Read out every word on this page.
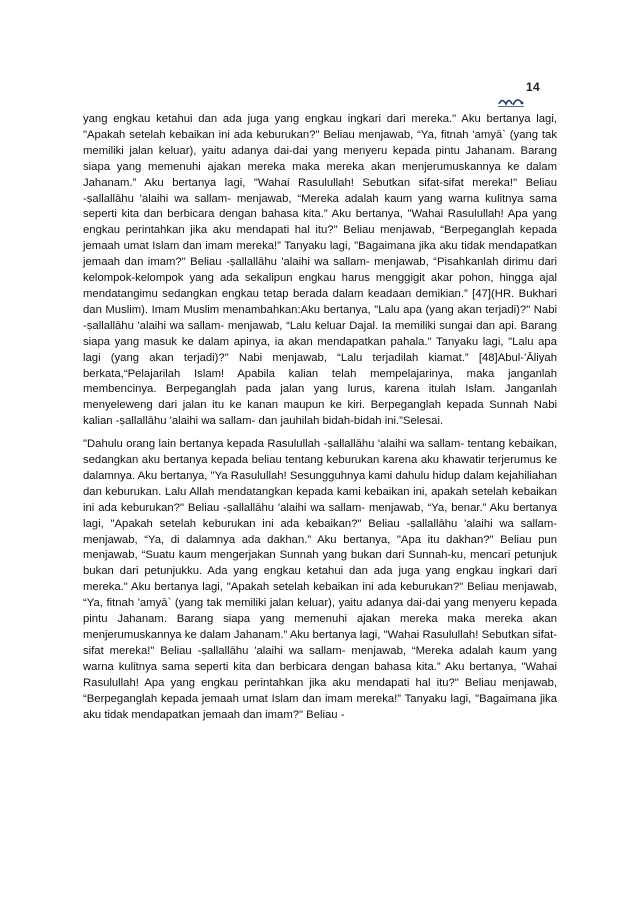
14

yang engkau ketahui dan ada juga yang engkau ingkari dari mereka." Aku bertanya lagi, "Apakah setelah kebaikan ini ada keburukan?" Beliau menjawab, “Ya, fitnah 'amyā` (yang tak memiliki jalan keluar), yaitu adanya dai-dai yang menyeru kepada pintu Jahanam. Barang siapa yang memenuhi ajakan mereka maka mereka akan menjerumuskannya ke dalam Jahanam.” Aku bertanya lagi, "Wahai Rasulullah! Sebutkan sifat-sifat mereka!" Beliau -ṣallallāhu 'alaihi wa sallam- menjawab, “Mereka adalah kaum yang warna kulitnya sama seperti kita dan berbicara dengan bahasa kita.” Aku bertanya, "Wahai Rasulullah! Apa yang engkau perintahkan jika aku mendapati hal itu?" Beliau menjawab, “Berpeganglah kepada jemaah umat Islam dan imam mereka!” Tanyaku lagi, "Bagaimana jika aku tidak mendapatkan jemaah dan imam?" Beliau -ṣallallāhu 'alaihi wa sallam- menjawab, “Pisahkanlah dirimu dari kelompok-kelompok yang ada sekalipun engkau harus menggigit akar pohon, hingga ajal mendatangimu sedangkan engkau tetap berada dalam keadaan demikian.” [47](HR. Bukhari dan Muslim). Imam Muslim menambahkan:Aku bertanya, "Lalu apa (yang akan terjadi)?" Nabi -ṣallallāhu 'alaihi wa sallam- menjawab, “Lalu keluar Dajal. Ia memiliki sungai dan api. Barang siapa yang masuk ke dalam apinya, ia akan mendapatkan pahala." Tanyaku lagi, "Lalu apa lagi (yang akan terjadi)?" Nabi menjawab, “Lalu terjadilah kiamat.” [48]Abul-'Āliyah berkata,“Pelajarilah Islam! Apabila kalian telah mempelajarinya, maka janganlah membencinya. Berpeganglah pada jalan yang lurus, karena itulah Islam. Janganlah menyeleweng dari jalan itu ke kanan maupun ke kiri. Berpeganglah kepada Sunnah Nabi kalian -ṣallallāhu 'alaihi wa sallam- dan jauhilah bidah-bidah ini.”Selesai.

"Dahulu orang lain bertanya kepada Rasulullah -ṣallallāhu 'alaihi wa sallam- tentang kebaikan, sedangkan aku bertanya kepada beliau tentang keburukan karena aku khawatir terjerumus ke dalamnya. Aku bertanya, "Ya Rasulullah! Sesungguhnya kami dahulu hidup dalam kejahiliahan dan keburukan. Lalu Allah mendatangkan kepada kami kebaikan ini, apakah setelah kebaikan ini ada keburukan?" Beliau -ṣallallāhu 'alaihi wa sallam- menjawab, “Ya, benar.” Aku bertanya lagi, "Apakah setelah keburukan ini ada kebaikan?" Beliau -ṣallallāhu 'alaihi wa sallam- menjawab, “Ya, di dalamnya ada dakhan.” Aku bertanya, "Apa itu dakhan?" Beliau pun menjawab, “Suatu kaum mengerjakan Sunnah yang bukan dari Sunnah-ku, mencari petunjuk bukan dari petunjukku. Ada yang engkau ketahui dan ada juga yang engkau ingkari dari mereka." Aku bertanya lagi, "Apakah setelah kebaikan ini ada keburukan?" Beliau menjawab, “Ya, fitnah 'amyā` (yang tak memiliki jalan keluar), yaitu adanya dai-dai yang menyeru kepada pintu Jahanam. Barang siapa yang memenuhi ajakan mereka maka mereka akan menjerumuskannya ke dalam Jahanam.” Aku bertanya lagi, "Wahai Rasulullah! Sebutkan sifat-sifat mereka!" Beliau -ṣallallāhu 'alaihi wa sallam- menjawab, “Mereka adalah kaum yang warna kulitnya sama seperti kita dan berbicara dengan bahasa kita.” Aku bertanya, "Wahai Rasulullah! Apa yang engkau perintahkan jika aku mendapati hal itu?" Beliau menjawab, “Berpeganglah kepada jemaah umat Islam dan imam mereka!” Tanyaku lagi, "Bagaimana jika aku tidak mendapatkan jemaah dan imam?" Beliau -
